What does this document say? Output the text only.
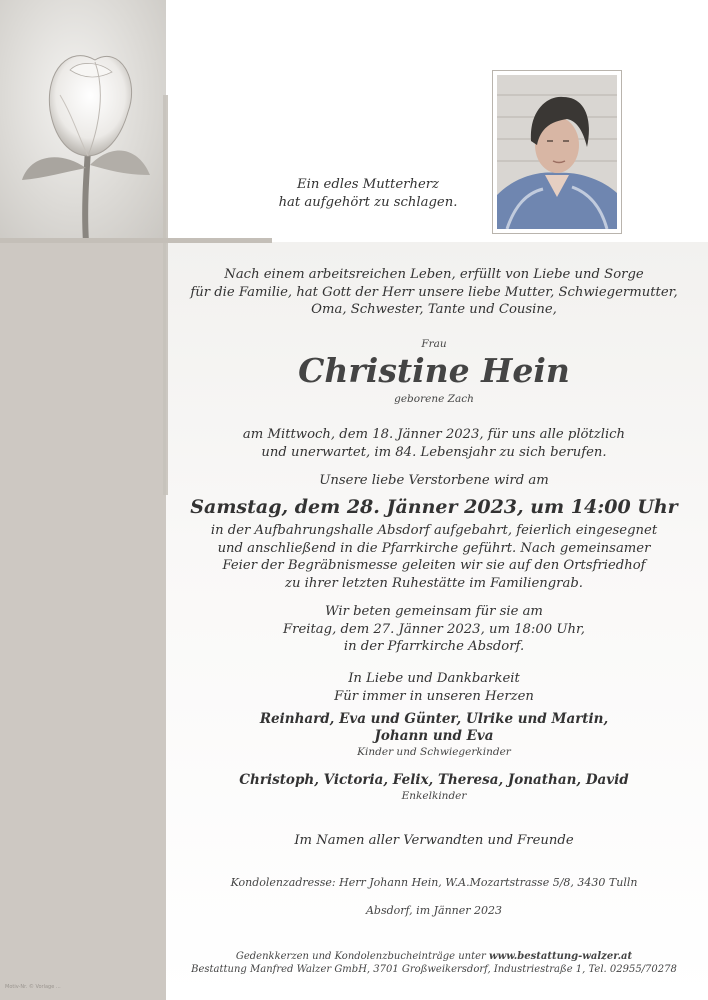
Ein edles Mutterherz
hat aufgehört zu schlagen.
Nach einem arbeitsreichen Leben, erfüllt von Liebe und Sorge
für die Familie, hat Gott der Herr unsere liebe Mutter, Schwiegermutter,
Oma, Schwester, Tante und Cousine,
Frau
Christine Hein
geborene Zach
am Mittwoch, dem 18. Jänner 2023, für uns alle plötzlich
und unerwartet, im 84. Lebensjahr zu sich berufen.
Unsere liebe Verstorbene wird am
Samstag, dem 28. Jänner 2023, um 14:00 Uhr
in der Aufbahrungshalle Absdorf aufgebahrt, feierlich eingesegnet
und anschließend in die Pfarrkirche geführt. Nach gemeinsamer
Feier der Begräbnismesse geleiten wir sie auf den Ortsfriedhof
zu ihrer letzten Ruhestätte im Familiengrab.
Wir beten gemeinsam für sie am
Freitag, dem 27. Jänner 2023, um 18:00 Uhr,
in der Pfarrkirche Absdorf.
In Liebe und Dankbarkeit
Für immer in unseren Herzen
Reinhard, Eva und Günter, Ulrike und Martin,
Johann und Eva
Kinder und Schwiegerkinder
Christoph, Victoria, Felix, Theresa, Jonathan, David
Enkelkinder
Im Namen aller Verwandten und Freunde
Kondolenzadresse: Herr Johann Hein, W.A.Mozartstrasse 5/8, 3430 Tulln
Absdorf, im Jänner 2023
Gedenkkerzen und Kondolenzbucheinträge unter www.bestattung-walzer.at
Bestattung Manfred Walzer GmbH, 3701 Großweikersdorf, Industriestraße 1, Tel. 02955/70278
Motiv-Nr. © Vorlage ...
